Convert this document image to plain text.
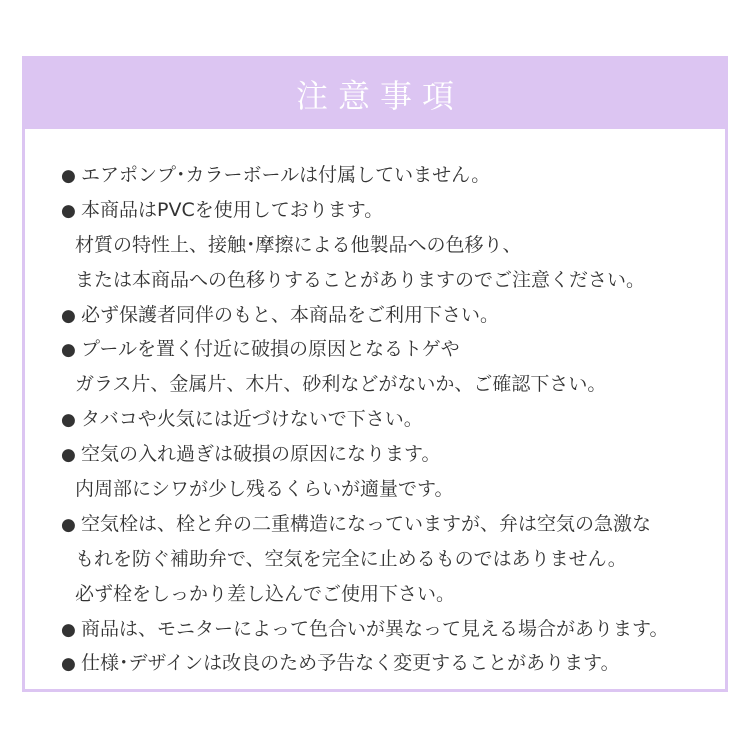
注意事項
● エアポンプ･カラーボールは付属していません。
● 本商品はPVCを使用しております。
材質の特性上、接触･摩擦による他製品への色移り、
または本商品への色移りすることがありますのでご注意ください。
● 必ず保護者同伴のもと、本商品をご利用下さい。
● プールを置く付近に破損の原因となるトゲや
ガラス片、金属片、木片、砂利などがないか、ご確認下さい。
● タバコや火気には近づけないで下さい。
● 空気の入れ過ぎは破損の原因になります。
内周部にシワが少し残るくらいが適量です。
● 空気栓は、栓と弁の二重構造になっていますが、弁は空気の急激な
もれを防ぐ補助弁で、空気を完全に止めるものではありません。
必ず栓をしっかり差し込んでご使用下さい。
● 商品は、モニターによって色合いが異なって見える場合があります。
● 仕様･デザインは改良のため予告なく変更することがあります。
